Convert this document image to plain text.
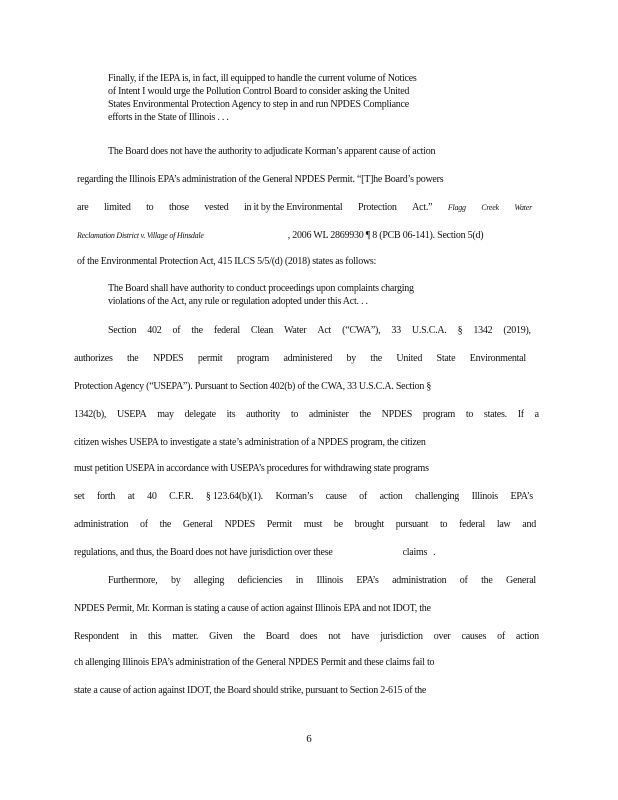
Finally, if the IEPA is, in fact, ill equipped to handle the current volume of Notices
of Intent I would urge the Pollution Control Board to consider asking the United
States Environmental Protection Agency to step in and run NPDES Compliance
efforts in the State of Illinois . . .
The Board does not have the authority to adjudicate Korman’s apparent cause of action
regarding the Illinois EPA’s administration of the General NPDES Permit. “[T]he Board’s powers
are limited to those vested in it by the Environmental Protection Act.” Flagg Creek Water
Reclamation District v. Village of Hinsdale	, 2006 WL 2869930 ¶ 8 (PCB 06-141). Section 5(d)
of the Environmental Protection Act, 415 ILCS 5/5/(d) (2018) states as follows:
The Board shall have authority to conduct proceedings upon complaints charging
violations of the Act, any rule or regulation adopted under this Act. . .
Section 402 of the federal Clean Water Act (“CWA”), 33 U.S.C.A. § 1342 (2019),
authorizes the NPDES permit program administered by the United State Environmental
Protection Agency (“USEPA”). Pursuant to Section 402(b) of the CWA, 33 U.S.C.A. Section §
1342(b), USEPA may delegate its authority to administer the NPDES program to states. If a
citizen wishes USEPA to investigate a state’s administration of a NPDES program, the citizen
must petition USEPA in accordance with USEPA’s procedures for withdrawing state programs
set forth at 40 C.F.R. § 123.64(b)(1). Korman’s cause of action challenging Illinois EPA’s
administration of the General NPDES Permit must be brought pursuant to federal law and
regulations, and thus, the Board does not have jurisdiction over these	claims .
Furthermore, by alleging deficiencies in Illinois EPA’s administration of the General
NPDES Permit, Mr. Korman is stating a cause of action against Illinois EPA and not IDOT, the
Respondent in this matter. Given the Board does not have jurisdiction over causes of action
ch allenging Illinois EPA’s administration of the General NPDES Permit and these claims fail to
state a cause of action against IDOT, the Board should strike, pursuant to Section 2-615 of the
6
